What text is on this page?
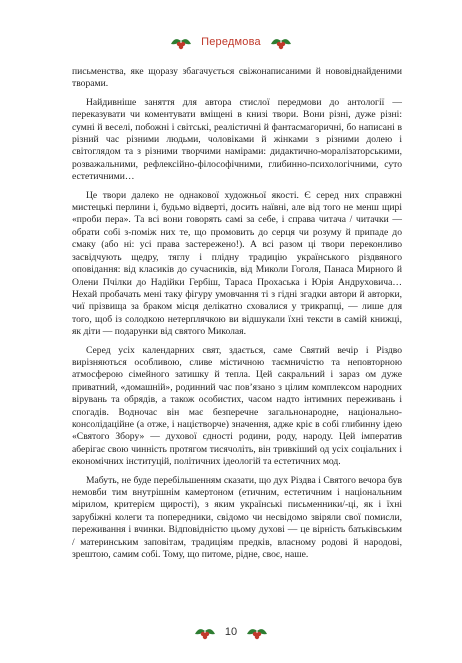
Передмова

письменства, яке щоразу збагачується свіжонаписаними й нововіднайденими творами.

Найдивніше заняття для автора стислої передмови до антології — переказувати чи коментувати вміщені в книзі твори. Вони різні, дуже різні: сумні й веселі, побожні і світські, реалістичні й фантасмагоричні, бо написані в різний час різними людьми, чоловіками й жінками з різними долею і світоглядом та з різними творчими намірами: дидактично-моралізаторськими, розважальними, рефлексійно-філософічними, глибинно-психологічними, суто естетичними…

Це твори далеко не однакової художньої якості. Є серед них справжні мистецькі перлини і, будьмо відверті, досить наївні, але від того не менш щирі «проби пера». Та всі вони говорять самі за себе, і справа читача / читачки — обрати собі з-поміж них те, що промовить до серця чи розуму й припаде до смаку (або ні: усі права застережено!). А всі разом ці твори переконливо засвідчують щедру, тяглу і плідну традицію українського різдвяного оповідання: від класиків до сучасників, від Миколи Гоголя, Панаса Мирного й Олени Пчілки до Надійки Гербіш, Тараса Прохаська і Юрія Андруховича… Нехай пробачать мені таку фігуру умовчання ті з гідні згадки автори й авторки, чиї прізвища за браком місця делікатно сховалися у трикрапці, — лише для того, щоб із солодкою нетерплячкою ви відшукали їхні тексти в самій книжці, як діти — подарунки від святого Миколая.

Серед усіх календарних свят, здається, саме Святий вечір і Різдво вирізняються особливою, сливе містичною таємничістю та неповторною атмосферою сімейного затишку й тепла. Цей сакральний і зараз ом дуже приватний, «домашній», родинний час пов’язано з цілим комплексом народних вірувань та обрядів, а також особистих, часом надто інтимних переживань і спогадів. Водночас він має безперечне загальнонародне, національно-консолідаційне (а отже, і націєтворче) значення, адже кріє в собі глибинну ідею «Святого Збору» — духової єдності родини, роду, народу. Цей імператив аберігає свою чинність протягом тисячоліть, він тривкіший од усіх соціальних і економічних інституцій, політичних ідеологій та естетичних мод.

Мабуть, не буде перебільшенням сказати, що дух Різдва і Святого вечора був немовби тим внутрішнім камертоном (етичним, естетичним і національним мірилом, критерієм щирості), з яким українські письменники/-ці, як і їхні зарубіжні колеги та попередники, свідомо чи несвідомо звіряли свої помисли, переживання і вчинки. Відповідністю цьому духові — це вірність батьківським / материнським заповітам, традиціям предків, власному родові й народові, зрештою, самим собі. Тому, що питоме, рідне, своє, наше.

10
